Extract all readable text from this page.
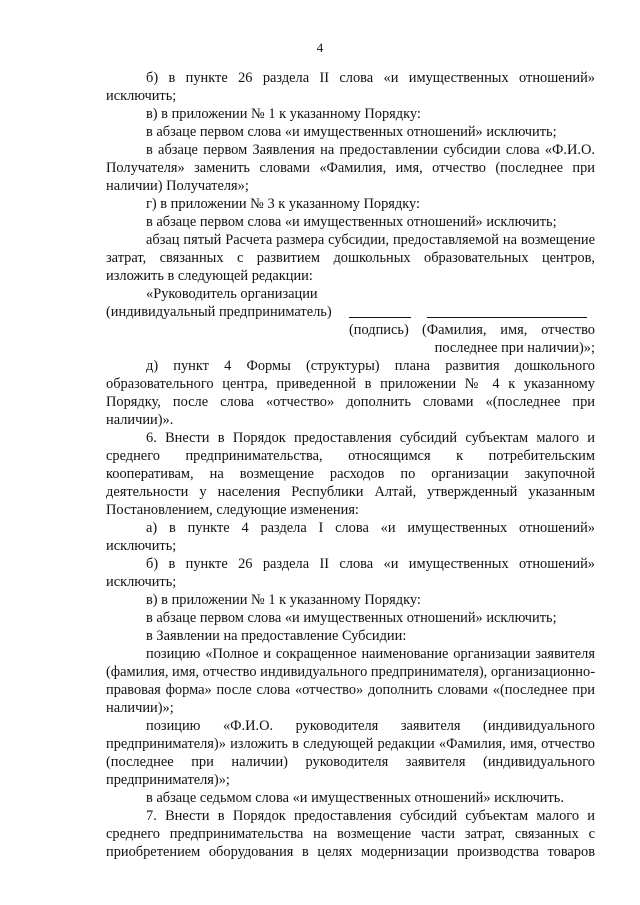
4

б) в пункте 26 раздела II слова «и имущественных отношений» исключить;

в) в приложении № 1 к указанному Порядку:

в абзаце первом слова «и имущественных отношений» исключить;

в абзаце первом Заявления на предоставлении субсидии слова «Ф.И.О. Получателя» заменить словами «Фамилия, имя, отчество (последнее при наличии) Получателя»;

г) в приложении № 3 к указанному Порядку:

в абзаце первом слова «и имущественных отношений» исключить;

абзац пятый Расчета размера субсидии, предоставляемой на возмещение затрат, связанных с развитием дошкольных образовательных центров, изложить в следующей редакции:

«Руководитель организации

(индивидуальный предприниматель)
(подпись) (Фамилия, имя, отчество
последнее при наличии)»;

д) пункт 4 Формы (структуры) плана развития дошкольного образовательного центра, приведенной в приложении № 4 к указанному Порядку, после слова «отчество» дополнить словами «(последнее при наличии)».

6. Внести в Порядок предоставления субсидий субъектам малого и среднего предпринимательства, относящимся к потребительским кооперативам, на возмещение расходов по организации закупочной деятельности у населения Республики Алтай, утвержденный указанным Постановлением, следующие изменения:

а) в пункте 4 раздела I слова «и имущественных отношений» исключить;

б) в пункте 26 раздела II слова «и имущественных отношений» исключить;

в) в приложении № 1 к указанному Порядку:

в абзаце первом слова «и имущественных отношений» исключить;

в Заявлении на предоставление Субсидии:

позицию «Полное и сокращенное наименование организации заявителя (фамилия, имя, отчество индивидуального предпринимателя), организационно-правовая форма» после слова «отчество» дополнить словами «(последнее при наличии)»;

позицию «Ф.И.О. руководителя заявителя (индивидуального предпринимателя)» изложить в следующей редакции «Фамилия, имя, отчество (последнее при наличии) руководителя заявителя (индивидуального предпринимателя)»;

в абзаце седьмом слова «и имущественных отношений» исключить.

7. Внести в Порядок предоставления субсидий субъектам малого и среднего предпринимательства на возмещение части затрат, связанных с приобретением оборудования в целях модернизации производства товаров
